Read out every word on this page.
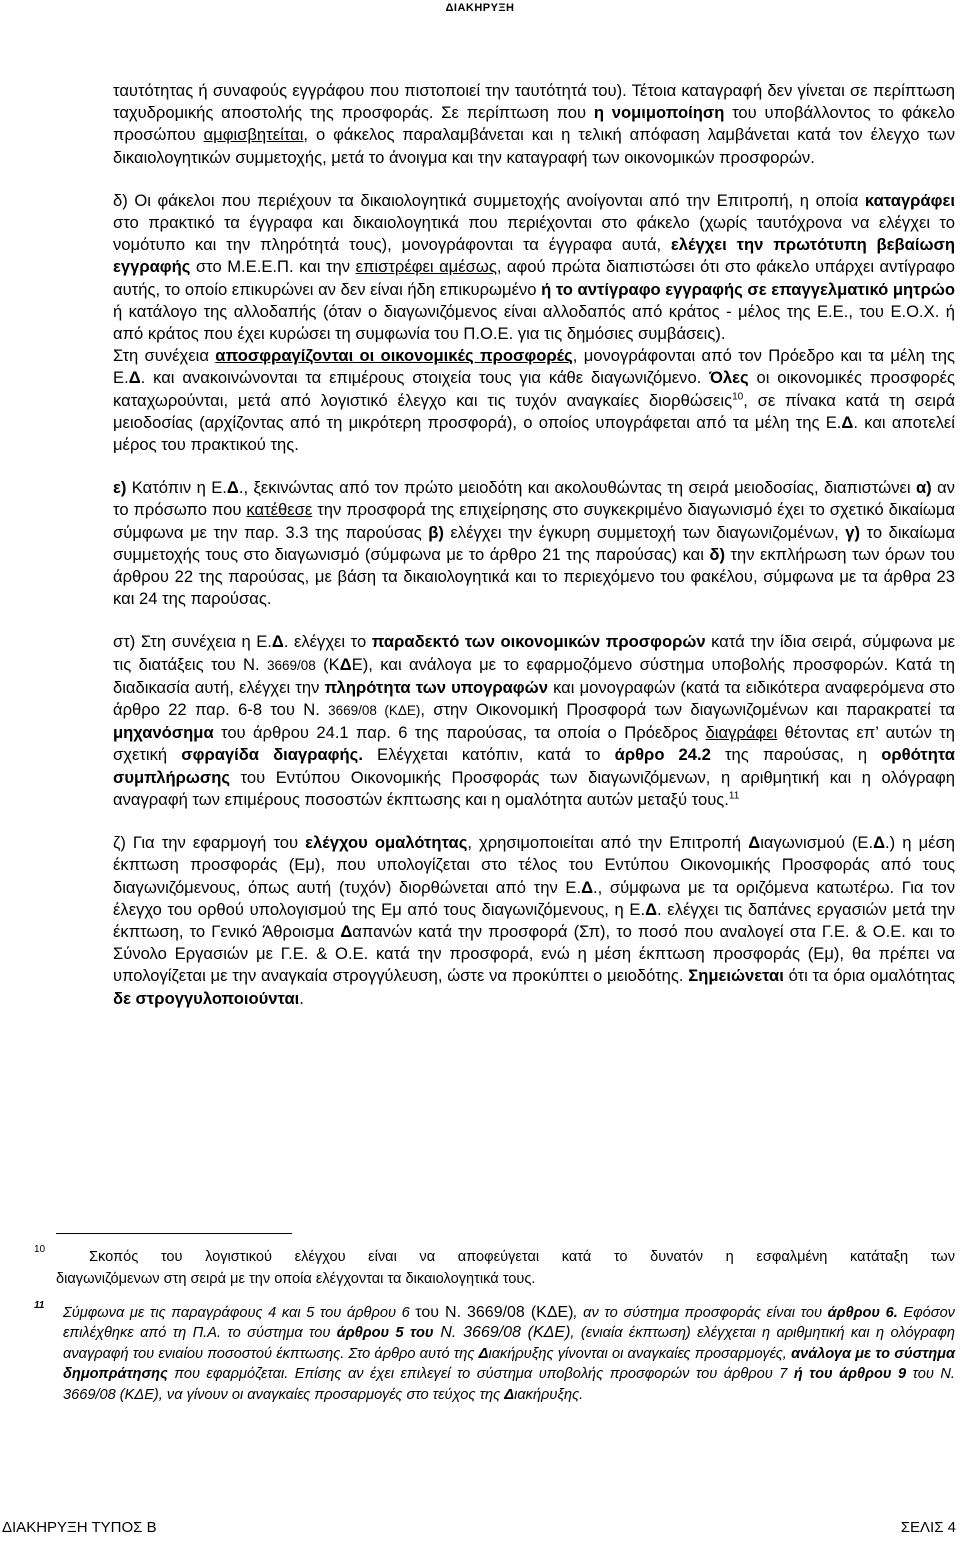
ΔΙΑΚΗΡΥΞΗ

ταυτότητας ή συναφούς εγγράφου που πιστοποιεί την ταυτότητά του). Τέτοια καταγραφή δεν γίνεται σε περίπτωση ταχυδρομικής αποστολής της προσφοράς. Σε περίπτωση που η νομιμοποίηση του υποβάλλοντος το φάκελο προσώπου αμφισβητείται, ο φάκελος παραλαμβάνεται και η τελική απόφαση λαμβάνεται κατά τον έλεγχο των δικαιολογητικών συμμετοχής, μετά το άνοιγμα και την καταγραφή των οικονομικών προσφορών.

δ) Οι φάκελοι που περιέχουν τα δικαιολογητικά συμμετοχής ανοίγονται από την Επιτροπή, η οποία καταγράφει στο πρακτικό τα έγγραφα και δικαιολογητικά που περιέχονται στο φάκελο (χωρίς ταυτόχρονα να ελέγχει το νομότυπο και την πληρότητά τους), μονογράφονται τα έγγραφα αυτά, ελέγχει την πρωτότυπη βεβαίωση εγγραφής στο Μ.Ε.Ε.Π. και την επιστρέφει αμέσως, αφού πρώτα διαπιστώσει ότι στο φάκελο υπάρχει αντίγραφο αυτής, το οποίο επικυρώνει αν δεν είναι ήδη επικυρωμένο ή το αντίγραφο εγγραφής σε επαγγελματικό μητρώο ή κατάλογο της αλλοδαπής (όταν ο διαγωνιζόμενος είναι αλλοδαπός από κράτος - μέλος της Ε.Ε., του Ε.Ο.Χ. ή από κράτος που έχει κυρώσει τη συμφωνία του Π.Ο.Ε. για τις δημόσιες συμβάσεις).

Στη συνέχεια αποσφραγίζονται οι οικονομικές προσφορές, μονογράφονται από τον Πρόεδρο και τα μέλη της Ε.Δ. και ανακοινώνονται τα επιμέρους στοιχεία τους για κάθε διαγωνιζόμενο. Όλες οι οικονομικές προσφορές καταχωρούνται, μετά από λογιστικό έλεγχο και τις τυχόν αναγκαίες διορθώσεις$^{10}$, σε πίνακα κατά τη σειρά μειοδοσίας (αρχίζοντας από τη μικρότερη προσφορά), ο οποίος υπογράφεται από τα μέλη της Ε.Δ. και αποτελεί μέρος του πρακτικού της.

ε) Κατόπιν η Ε.Δ., ξεκινώντας από τον πρώτο μειοδότη και ακολουθώντας τη σειρά μειοδοσίας, διαπιστώνει α) αν το πρόσωπο που κατέθεσε την προσφορά της επιχείρησης στο συγκεκριμένο διαγωνισμό έχει το σχετικό δικαίωμα σύμφωνα με την παρ. 3.3 της παρούσας β) ελέγχει την έγκυρη συμμετοχή των διαγωνιζομένων, γ) το δικαίωμα συμμετοχής τους στο διαγωνισμό (σύμφωνα με το άρθρο 21 της παρούσας) και δ) την εκπλήρωση των όρων του άρθρου 22 της παρούσας, με βάση τα δικαιολογητικά και το περιεχόμενο του φακέλου, σύμφωνα με τα άρθρα 23 και 24 της παρούσας.

στ) Στη συνέχεια η Ε.Δ. ελέγχει το παραδεκτό των οικονομικών προσφορών κατά την ίδια σειρά, σύμφωνα με τις διατάξεις του Ν. 3669/08 (ΚΔΕ), και ανάλογα με το εφαρμοζόμενο σύστημα υποβολής προσφορών. Κατά τη διαδικασία αυτή, ελέγχει την πληρότητα των υπογραφών και μονογραφών (κατά τα ειδικότερα αναφερόμενα στο άρθρο 22 παρ. 6-8 του Ν. 3669/08 (ΚΔΕ), στην Οικονομική Προσφορά των διαγωνιζομένων και παρακρατεί τα μηχανόσημα του άρθρου 24.1 παρ. 6 της παρούσας, τα οποία ο Πρόεδρος διαγράφει θέτοντας επ’ αυτών τη σχετική σφραγίδα διαγραφής. Ελέγχεται κατόπιν, κατά το άρθρο 24.2 της παρούσας, η ορθότητα συμπλήρωσης του Εντύπου Οικονομικής Προσφοράς των διαγωνιζόμενων, η αριθμητική και η ολόγραφη αναγραφή των επιμέρους ποσοστών έκπτωσης και η ομαλότητα αυτών μεταξύ τους.$^{11}$

ζ) Για την εφαρμογή του ελέγχου ομαλότητας, χρησιμοποιείται από την Επιτροπή Διαγωνισμού (Ε.Δ.) η μέση έκπτωση προσφοράς (Εμ), που υπολογίζεται στο τέλος του Εντύπου Οικονομικής Προσφοράς από τους διαγωνιζόμενους, όπως αυτή (τυχόν) διορθώνεται από την Ε.Δ., σύμφωνα με τα οριζόμενα κατωτέρω. Για τον έλεγχο του ορθού υπολογισμού της Εμ από τους διαγωνιζόμενους, η Ε.Δ. ελέγχει τις δαπάνες εργασιών μετά την έκπτωση, το Γενικό Άθροισμα Δαπανών κατά την προσφορά (Σπ), το ποσό που αναλογεί στα Γ.Ε. & Ο.Ε. και το Σύνολο Εργασιών με Γ.Ε. & Ο.Ε. κατά την προσφορά, ενώ η μέση έκπτωση προσφοράς (Εμ), θα πρέπει να υπολογίζεται με την αναγκαία στρογγύλευση, ώστε να προκύπτει ο μειοδότης. Σημειώνεται ότι τα όρια ομαλότητας δε στρογγυλοποιούνται.

10	Σκοπός του λογιστικού ελέγχου είναι να αποφεύγεται κατά το δυνατόν η εσφαλμένη κατάταξη των
διαγωνιζόμενων στη σειρά με την οποία ελέγχονται τα δικαιολογητικά τους.
11 Σύμφωνα με τις παραγράφους 4 και 5 του άρθρου 6 του Ν. 3669/08 (ΚΔΕ), αν το σύστημα προσφοράς είναι του άρθρου 6. Εφόσον επιλέχθηκε από τη Π.Α. το σύστημα του άρθρου 5 του Ν. 3669/08 (ΚΔΕ), (ενιαία έκπτωση) ελέγχεται η αριθμητική και η ολόγραφη αναγραφή του ενιαίου ποσοστού έκπτωσης. Στο άρθρο αυτό της Διακήρυξης γίνονται οι αναγκαίες προσαρμογές, ανάλογα με το σύστημα δημοπράτησης που εφαρμόζεται. Επίσης αν έχει επιλεγεί το σύστημα υποβολής προσφορών του άρθρου 7 ή του άρθρου 9 του Ν. 3669/08 (ΚΔΕ), να γίνουν οι αναγκαίες προσαρμογές στο τεύχος της Διακήρυξης.
ΔΙΑΚΗΡΥΞΗ ΤΥΠΟΣ Β	ΣΕΛΙΣ 4
